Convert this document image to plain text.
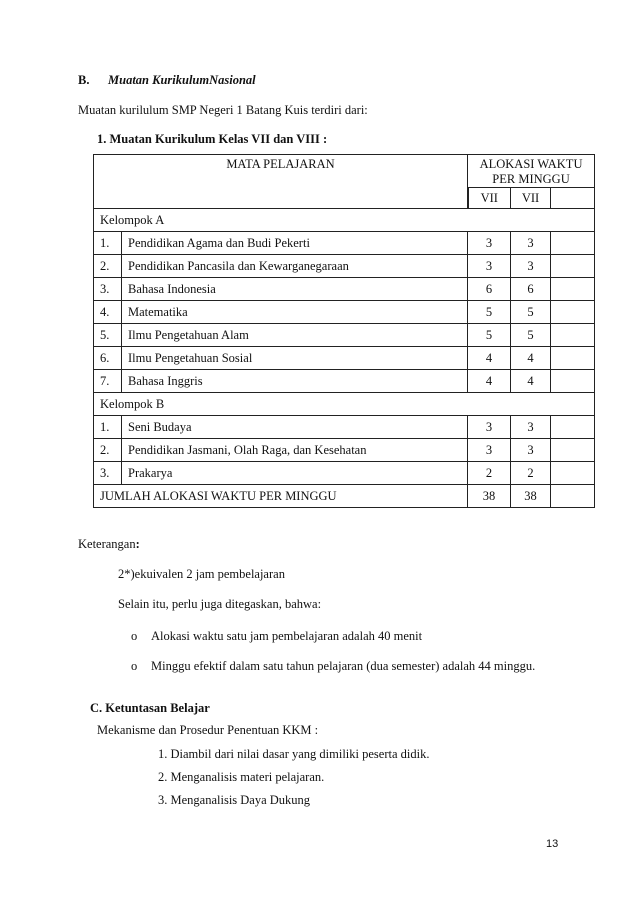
B. Muatan KurikulumNasional
Muatan kurilulum SMP Negeri 1 Batang Kuis terdiri dari:
1. Muatan Kurikulum Kelas VII dan VIII :
MATA PELAJARAN		ALOKASI WAKTU
PER MINGGU		
		VII	VII	
Kelompok A				
1.	Pendidikan Agama dan Budi Pekerti	3	3	
2.	Pendidikan Pancasila dan Kewarganegaraan	3	3	
3.	Bahasa Indonesia	6	6	
4.	Matematika	5	5	
5.	Ilmu Pengetahuan Alam	5	5	
6.	Ilmu Pengetahuan Sosial	4	4	
7.	Bahasa Inggris	4	4	
Kelompok B				
1.	Seni Budaya	3	3	
2.	Pendidikan Jasmani, Olah Raga, dan Kesehatan	3	3	
3.	Prakarya	2	2	
JUMLAH ALOKASI WAKTU PER MINGGU		38	38	
Keterangan:
2*)ekuivalen 2 jam pembelajaran
Selain itu, perlu juga ditegaskan, bahwa:
o Alokasi waktu satu jam pembelajaran adalah 40 menit
o Minggu efektif dalam satu tahun pelajaran (dua semester) adalah 44 minggu.
C. Ketuntasan Belajar
Mekanisme dan Prosedur Penentuan KKM :
1. Diambil dari nilai dasar yang dimiliki peserta didik.
2. Menganalisis materi pelajaran.
3. Menganalisis Daya Dukung
13
